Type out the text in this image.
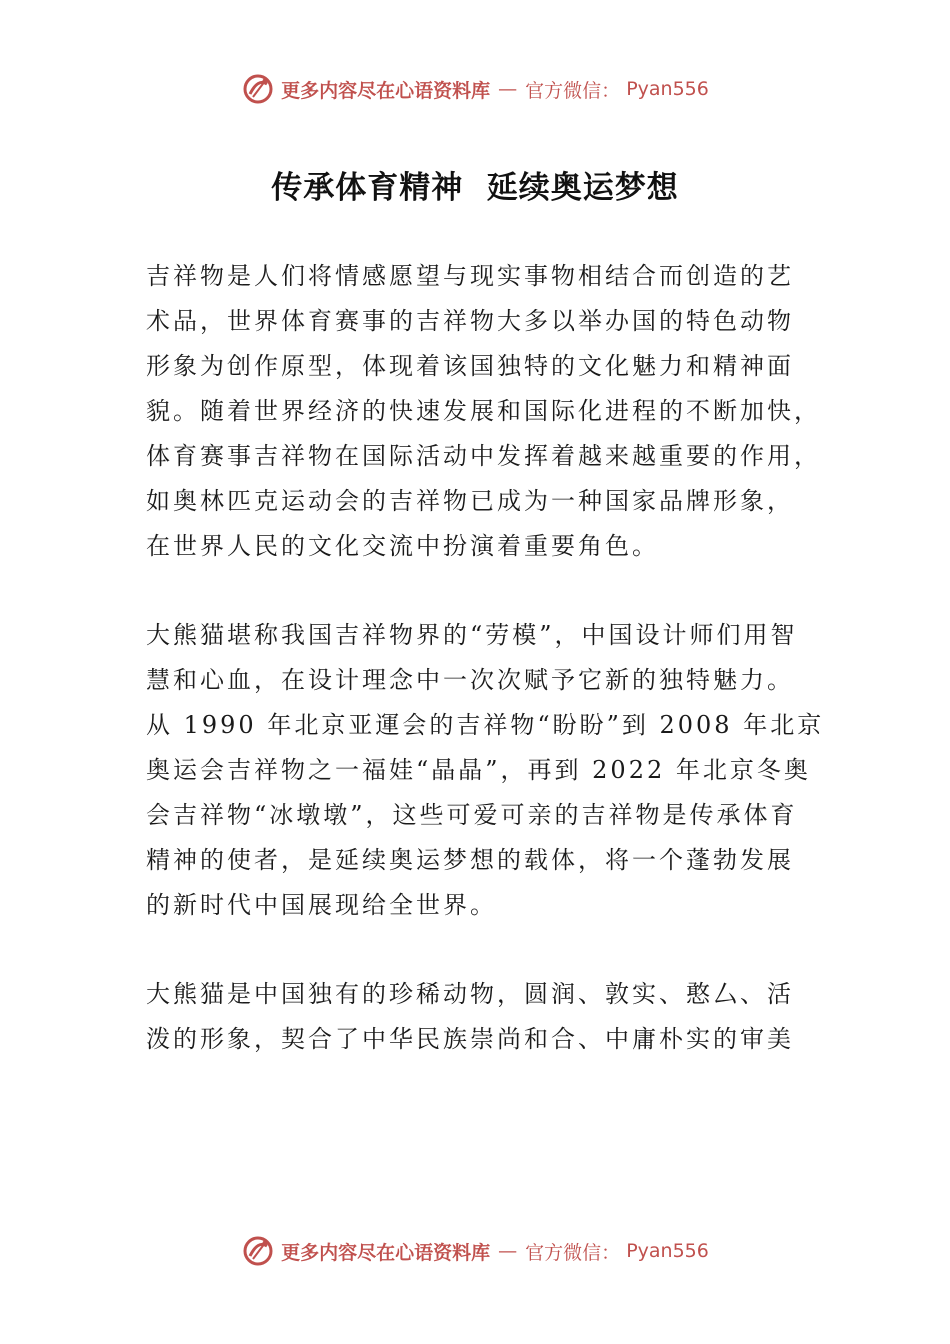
更多内容尽在心语资料库 — 官方微信： Pyan556
传承体育精神  延续奥运梦想
吉祥物是人们将情感愿望与现实事物相结合而创造的艺
术品，世界体育赛事的吉祥物大多以举办国的特色动物
形象为创作原型，体现着该国独特的文化魅力和精神面
貌。随着世界经济的快速发展和国际化进程的不断加快，
体育赛事吉祥物在国际活动中发挥着越来越重要的作用，
如奥林匹克运动会的吉祥物已成为一种国家品牌形象，
在世界人民的文化交流中扮演着重要角色。
大熊猫堪称我国吉祥物界的“劳模”，中国设计师们用智
慧和心血，在设计理念中一次次赋予它新的独特魅力。
从 1990 年北京亚運会的吉祥物“盼盼”到 2008 年北京
奥运会吉祥物之一福娃“晶晶”，再到 2022 年北京冬奥
会吉祥物“冰墩墩”，这些可爱可亲的吉祥物是传承体育
精神的使者，是延续奥运梦想的载体，将一个蓬勃发展
的新时代中国展现给全世界。
大熊猫是中国独有的珍稀动物，圆润、敦实、憨厶、活
泼的形象，契合了中华民族崇尚和合、中庸朴实的审美
更多内容尽在心语资料库 — 官方微信： Pyan556
